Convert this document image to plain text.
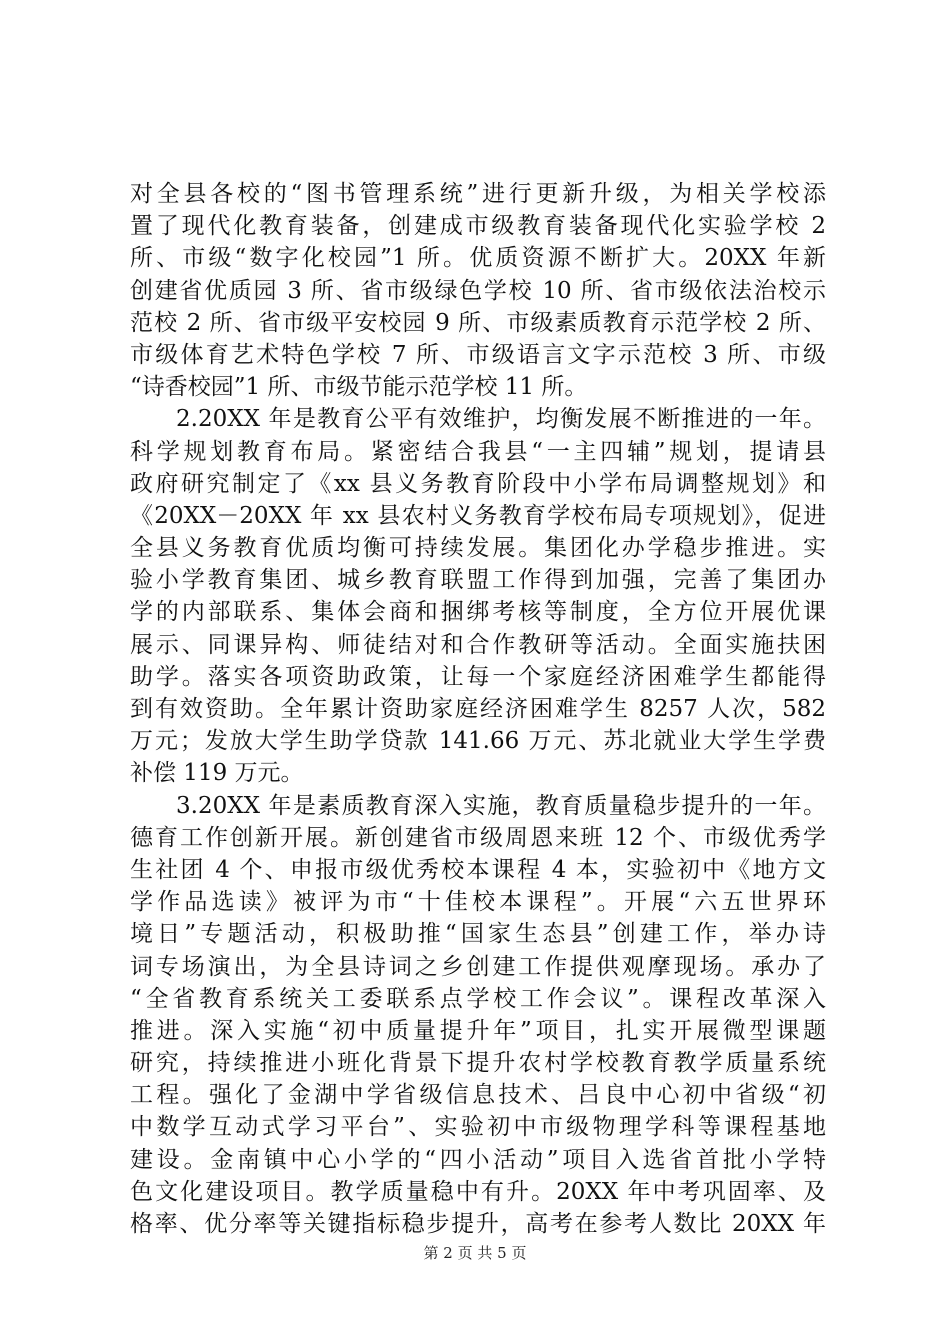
对全县各校的“图书管理系统”进行更新升级，为相关学校添
置了现代化教育装备，创建成市级教育装备现代化实验学校 2
所、市级“数字化校园”1 所。优质资源不断扩大。20XX 年新
创建省优质园 3 所、省市级绿色学校 10 所、省市级依法治校示
范校 2 所、省市级平安校园 9 所、市级素质教育示范学校 2 所、
市级体育艺术特色学校 7 所、市级语言文字示范校 3 所、市级
“诗香校园”1 所、市级节能示范学校 11 所。
2.20XX 年是教育公平有效维护，均衡发展不断推进的一年。
科学规划教育布局。紧密结合我县“一主四辅”规划，提请县
政府研究制定了《xx 县义务教育阶段中小学布局调整规划》和
《20XX－20XX 年 xx 县农村义务教育学校布局专项规划》，促进
全县义务教育优质均衡可持续发展。集团化办学稳步推进。实
验小学教育集团、城乡教育联盟工作得到加强，完善了集团办
学的内部联系、集体会商和捆绑考核等制度，全方位开展优课
展示、同课异构、师徒结对和合作教研等活动。全面实施扶困
助学。落实各项资助政策，让每一个家庭经济困难学生都能得
到有效资助。全年累计资助家庭经济困难学生 8257 人次，582
万元；发放大学生助学贷款 141.66 万元、苏北就业大学生学费
补偿 119 万元。
3.20XX 年是素质教育深入实施，教育质量稳步提升的一年。
德育工作创新开展。新创建省市级周恩来班 12 个、市级优秀学
生社团 4 个、申报市级优秀校本课程 4 本，实验初中《地方文
学作品选读》被评为市“十佳校本课程”。开展“六五世界环
境日”专题活动，积极助推“国家生态县”创建工作，举办诗
词专场演出，为全县诗词之乡创建工作提供观摩现场。承办了
“全省教育系统关工委联系点学校工作会议”。课程改革深入
推进。深入实施“初中质量提升年”项目，扎实开展微型课题
研究，持续推进小班化背景下提升农村学校教育教学质量系统
工程。强化了金湖中学省级信息技术、吕良中心初中省级“初
中数学互动式学习平台”、实验初中市级物理学科等课程基地
建设。金南镇中心小学的“四小活动”项目入选省首批小学特
色文化建设项目。教学质量稳中有升。20XX 年中考巩固率、及
格率、优分率等关键指标稳步提升，高考在参考人数比 20XX 年
第 2 页 共 5 页
